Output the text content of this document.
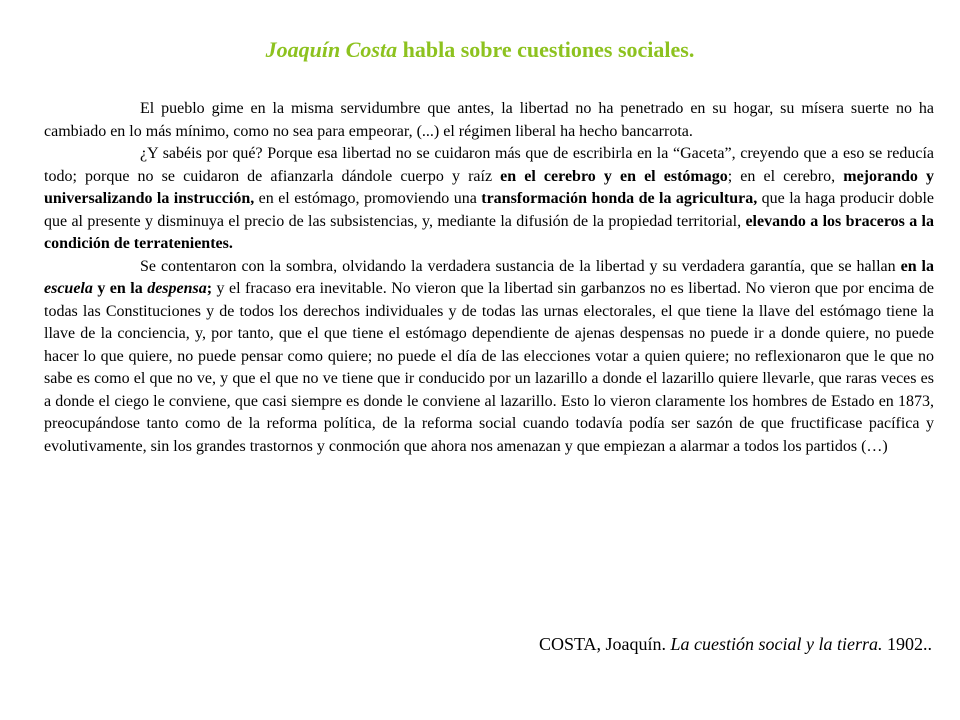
Joaquín Costa habla sobre cuestiones sociales.

El pueblo gime en la misma servidumbre que antes, la libertad no ha penetrado en su hogar, su mísera suerte no ha cambiado en lo más mínimo, como no sea para empeorar, (...) el régimen liberal ha hecho bancarrota.

¿Y sabéis por qué? Porque esa libertad no se cuidaron más que de escribirla en la “Gaceta”, creyendo que a eso se reducía todo; porque no se cuidaron de afianzarla dándole cuerpo y raíz en el cerebro y en el estómago; en el cerebro, mejorando y universalizando la instrucción, en el estómago, promoviendo una transformación honda de la agricultura, que la haga producir doble que al presente y disminuya el precio de las subsistencias, y, mediante la difusión de la propiedad territorial, elevando a los braceros a la condición de terratenientes.

Se contentaron con la sombra, olvidando la verdadera sustancia de la libertad y su verdadera garantía, que se hallan en la escuela y en la despensa; y el fracaso era inevitable. No vieron que la libertad sin garbanzos no es libertad. No vieron que por encima de todas las Constituciones y de todos los derechos individuales y de todas las urnas electorales, el que tiene la llave del estómago tiene la llave de la conciencia, y, por tanto, que el que tiene el estómago dependiente de ajenas despensas no puede ir a donde quiere, no puede hacer lo que quiere, no puede pensar como quiere; no puede el día de las elecciones votar a quien quiere; no reflexionaron que le que no sabe es como el que no ve, y que el que no ve tiene que ir conducido por un lazarillo a donde el lazarillo quiere llevarle, que raras veces es a donde el ciego le conviene, que casi siempre es donde le conviene al lazarillo. Esto lo vieron claramente los hombres de Estado en 1873, preocupándose tanto como de la reforma política, de la reforma social cuando todavía podía ser sazón de que fructificase pacífica y evolutivamente, sin los grandes trastornos y conmoción que ahora nos amenazan y que empiezan a alarmar a todos los partidos (…)

COSTA, Joaquín. La cuestión social y la tierra. 1902..
